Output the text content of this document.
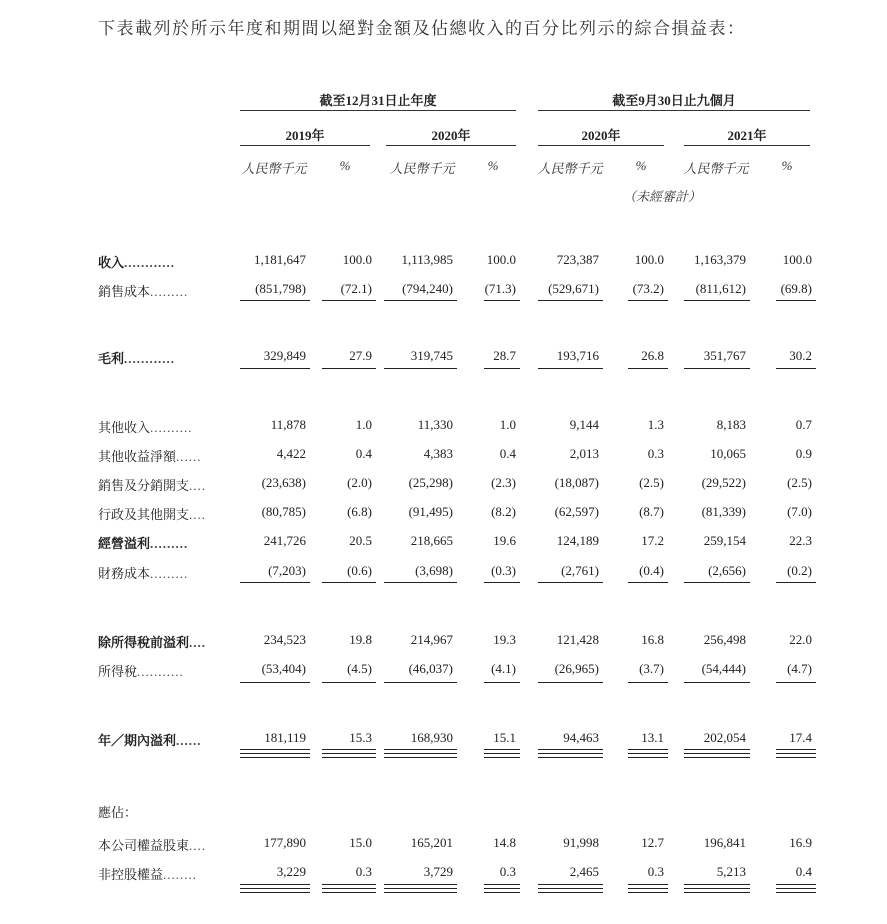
下表載列於所示年度和期間以絕對金額及佔總收入的百分比列示的綜合損益表：
截至12月31日止年度	截至9月30日止九個月
2019年	2020年	2020年	2021年
人民幣千元	%	人民幣千元	%	人民幣千元	%	人民幣千元	%
（未經審計）
收入............	1,181,647	100.0	1,113,985	100.0	723,387	100.0	1,163,379	100.0
銷售成本.........	(851,798)	(72.1)	(794,240) (71.3)	(529,671)	(73.2)	(811,612)	(69.8)
毛利............	329,849	27.9	319,745	28.7	193,716	26.8	351,767	30.2
其他收入..........	11,878	1.0	11,330	1.0	9,144	1.3	8,183	0.7
其他收益淨額......	4,422	0.4	4,383	0.4	2,013	0.3	10,065	0.9
銷售及分銷開支....	(23,638)	(2.0)	(25,298)	(2.3)	(18,087)	(2.5)	(29,522)	(2.5)
行政及其他開支....	(80,785)	(6.8)	(91,495)	(8.2)	(62,597)	(8.7)	(81,339)	(7.0)
經營溢利.........	241,726	20.5	218,665	19.6	124,189	17.2	259,154	22.3
財務成本.........	(7,203)	(0.6)	(3,698)	(0.3)	(2,761)	(0.4)	(2,656)	(0.2)
除所得稅前溢利....	234,523	19.8	214,967	19.3	121,428	16.8	256,498	22.0
所得稅...........	(53,404)	(4.5)	(46,037)	(4.1)	(26,965)	(3.7)	(54,444)	(4.7)
年／期內溢利......	181,119	15.3	168,930	15.1	94,463	13.1	202,054	17.4
本公司權益股東....	177,890	15.0	165,201	14.8	91,998	12.7	196,841	16.9
非控股權益........	3,229	0.3	3,729	0.3	2,465	0.3	5,213	0.4
應佔：
